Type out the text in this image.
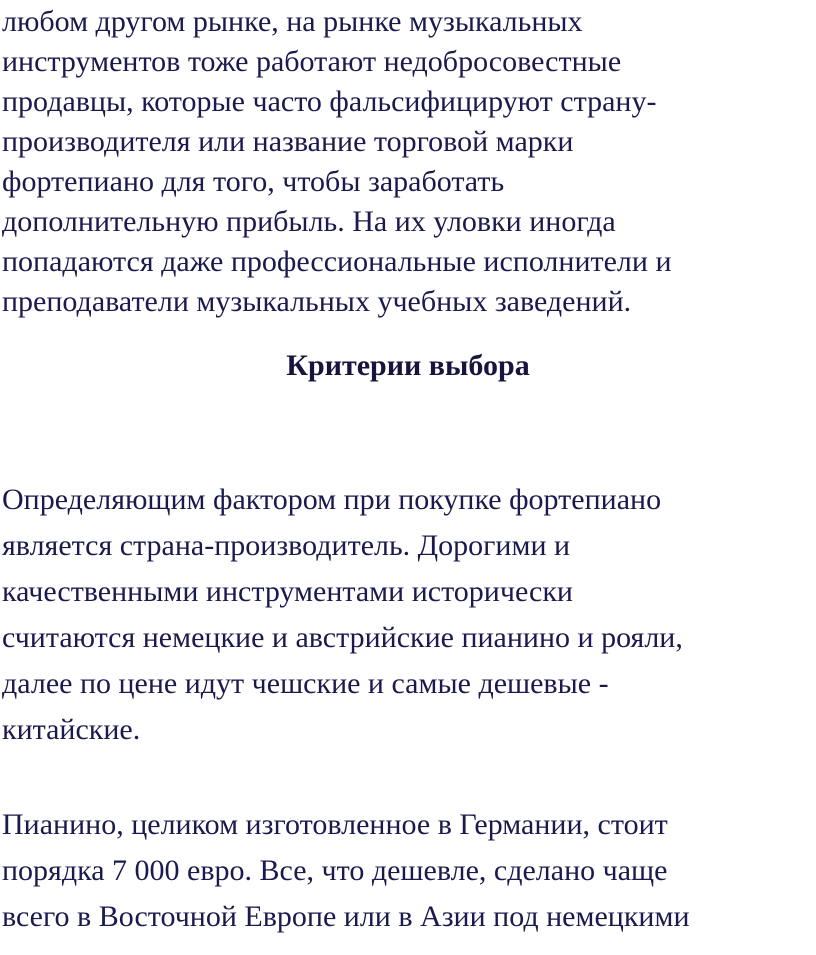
любом другом рынке, на рынке музыкальных
инструментов тоже работают недобросовестные
продавцы, которые часто фальсифицируют страну-
производителя или название торговой марки
фортепиано для того, чтобы заработать
дополнительную прибыль. На их уловки иногда
попадаются даже профессиональные исполнители и
преподаватели музыкальных учебных заведений.

Критерии выбора

Определяющим фактором при покупке фортепиано
является страна-производитель. Дорогими и
качественными инструментами исторически
считаются немецкие и австрийские пианино и рояли,
далее по цене идут чешские и самые дешевые -
китайские.

Пианино, целиком изготовленное в Германии, стоит
порядка 7 000 евро. Все, что дешевле, сделано чаще
всего в Восточной Европе или в Азии под немецкими
